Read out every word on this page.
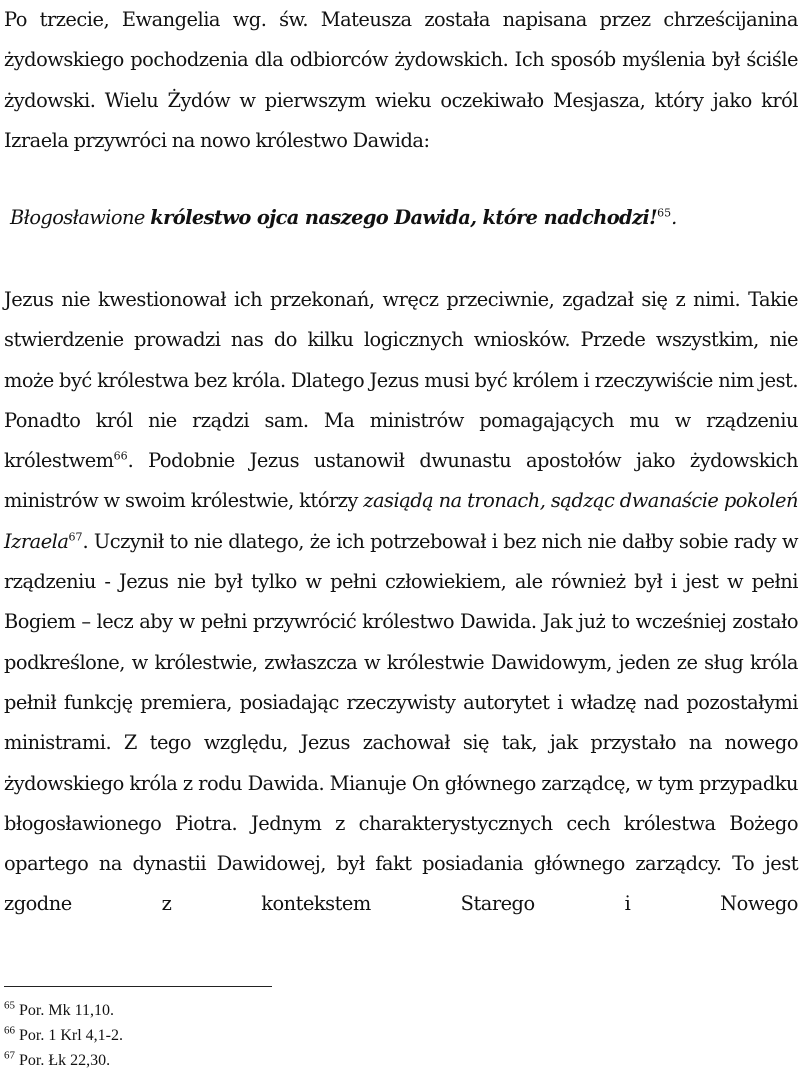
Po trzecie, Ewangelia wg. św. Mateusza została napisana przez chrześcijanina żydowskiego pochodzenia dla odbiorców żydowskich. Ich sposób myślenia był ściśle żydowski. Wielu Żydów w pierwszym wieku oczekiwało Mesjasza, który jako król Izraela przywróci na nowo królestwo Dawida:

Błogosławione królestwo ojca naszego Dawida, które nadchodzi!$^{65}$.

Jezus nie kwestionował ich przekonań, wręcz przeciwnie, zgadzał się z nimi. Takie stwierdzenie prowadzi nas do kilku logicznych wniosków. Przede wszystkim, nie może być królestwa bez króla. Dlatego Jezus musi być królem i rzeczywiście nim jest. Ponadto król nie rządzi sam. Ma ministrów pomagających mu w rządzeniu królestwem$^{66}$. Podobnie Jezus ustanowił dwunastu apostołów jako żydowskich ministrów w swoim królestwie, którzy zasiądą na tronach, sądząc dwanaście pokoleń Izraela$^{67}$. Uczynił to nie dlatego, że ich potrzebował i bez nich nie dałby sobie rady w rządzeniu - Jezus nie był tylko w pełni człowiekiem, ale również był i jest w pełni Bogiem – lecz aby w pełni przywrócić królestwo Dawida. Jak już to wcześniej zostało podkreślone, w królestwie, zwłaszcza w królestwie Dawidowym, jeden ze sług króla pełnił funkcję premiera, posiadając rzeczywisty autorytet i władzę nad pozostałymi ministrami. Z tego względu, Jezus zachował się tak, jak przystało na nowego żydowskiego króla z rodu Dawida. Mianuje On głównego zarządcę, w tym przypadku błogosławionego Piotra. Jednym z charakterystycznych cech królestwa Bożego opartego na dynastii Dawidowej, był fakt posiadania głównego zarządcy. To jest zgodne z kontekstem Starego i Nowego

$^{65}$ Por. Mk 11,10.
$^{66}$ Por. 1 Krl 4,1-2.
$^{67}$ Por. Łk 22,30.
